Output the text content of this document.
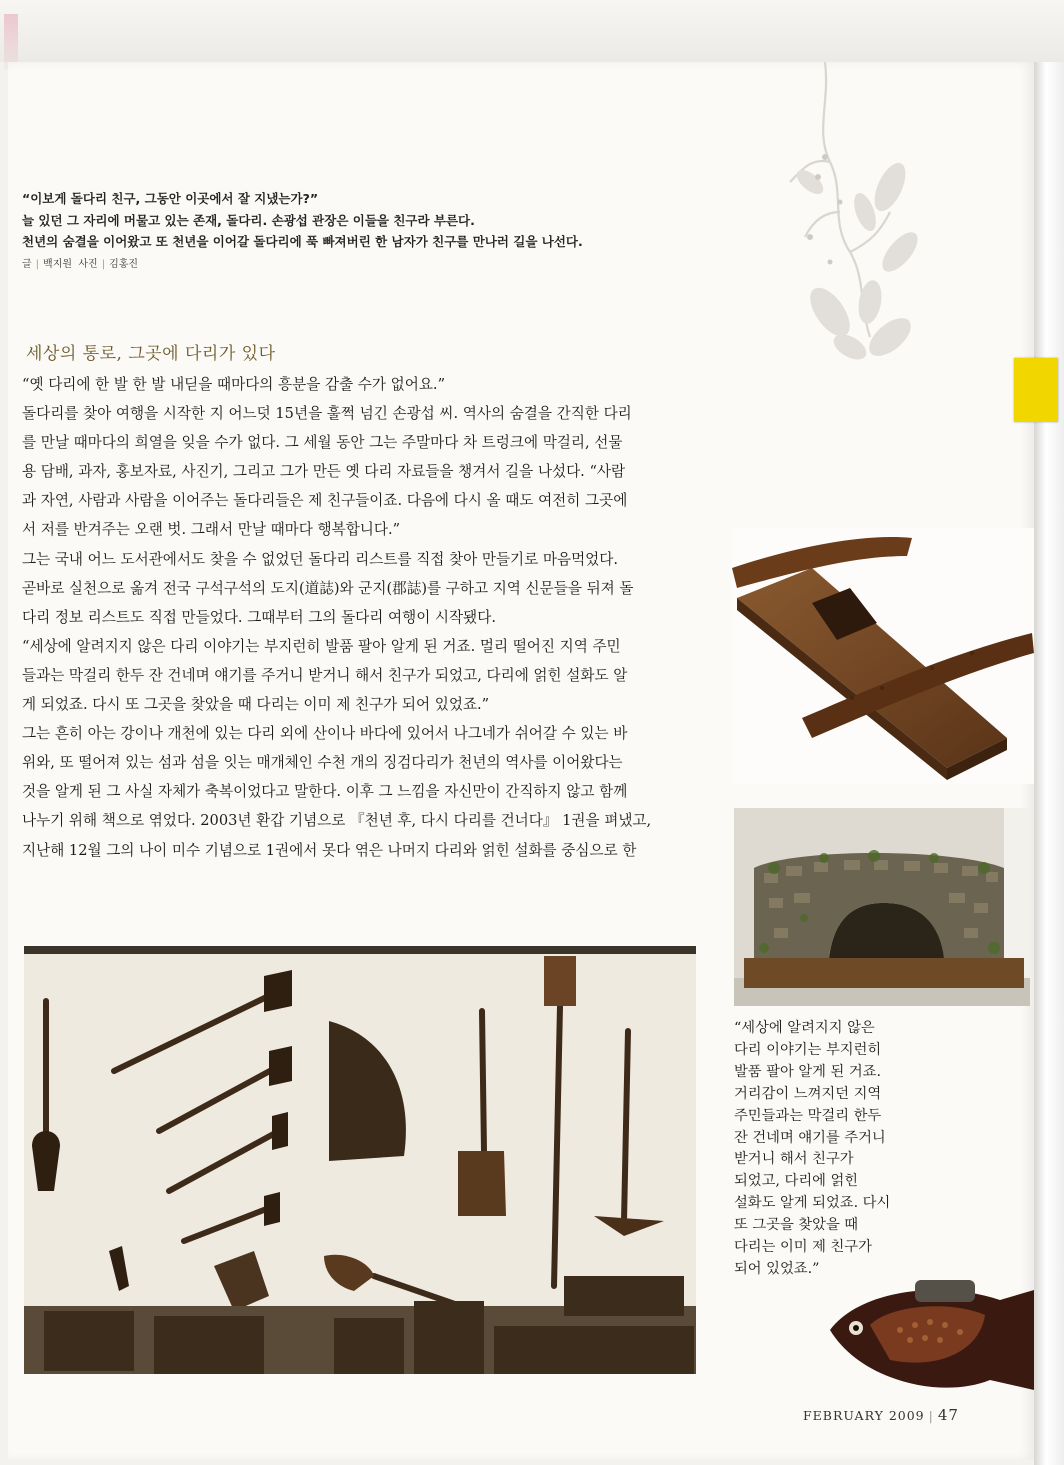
“이보게 돌다리 친구, 그동안 이곳에서 잘 지냈는가?”
늘 있던 그 자리에 머물고 있는 존재, 돌다리. 손광섭 관장은 이들을 친구라 부른다.
천년의 숨결을 이어왔고 또 천년을 이어갈 돌다리에 푹 빠져버린 한 남자가 친구를 만나러 길을 나선다.
글 | 백지원 사진 | 김홍진
세상의 통로, 그곳에 다리가 있다
“옛 다리에 한 발 한 발 내딛을 때마다의 흥분을 감출 수가 없어요.”
돌다리를 찾아 여행을 시작한 지 어느덧 15년을 훌쩍 넘긴 손광섭 씨. 역사의 숨결을 간직한 다리
를 만날 때마다의 희열을 잊을 수가 없다. 그 세월 동안 그는 주말마다 차 트렁크에 막걸리, 선물
용 담배, 과자, 홍보자료, 사진기, 그리고 그가 만든 옛 다리 자료들을 챙겨서 길을 나섰다. “사람
과 자연, 사람과 사람을 이어주는 돌다리들은 제 친구들이죠. 다음에 다시 올 때도 여전히 그곳에
서 저를 반겨주는 오랜 벗. 그래서 만날 때마다 행복합니다.”
그는 국내 어느 도서관에서도 찾을 수 없었던 돌다리 리스트를 직접 찾아 만들기로 마음먹었다.
곧바로 실천으로 옮겨 전국 구석구석의 도지(道誌)와 군지(郡誌)를 구하고 지역 신문들을 뒤져 돌
다리 정보 리스트도 직접 만들었다. 그때부터 그의 돌다리 여행이 시작됐다.
“세상에 알려지지 않은 다리 이야기는 부지런히 발품 팔아 알게 된 거죠. 멀리 떨어진 지역 주민
들과는 막걸리 한두 잔 건네며 얘기를 주거니 받거니 해서 친구가 되었고, 다리에 얽힌 설화도 알
게 되었죠. 다시 또 그곳을 찾았을 때 다리는 이미 제 친구가 되어 있었죠.”
그는 흔히 아는 강이나 개천에 있는 다리 외에 산이나 바다에 있어서 나그네가 쉬어갈 수 있는 바
위와, 또 떨어져 있는 섬과 섬을 잇는 매개체인 수천 개의 징검다리가 천년의 역사를 이어왔다는
것을 알게 된 그 사실 자체가 축복이었다고 말한다. 이후 그 느낌을 자신만이 간직하지 않고 함께
나누기 위해 책으로 엮었다. 2003년 환갑 기념으로 『천년 후, 다시 다리를 건너다』 1권을 펴냈고,
지난해 12월 그의 나이 미수 기념으로 1권에서 못다 엮은 나머지 다리와 얽힌 설화를 중심으로 한
“세상에 알려지지 않은
다리 이야기는 부지런히
발품 팔아 알게 된 거죠.
거리감이 느껴지던 지역
주민들과는 막걸리 한두
잔 건네며 얘기를 주거니
받거니 해서 친구가
되었고, 다리에 얽힌
설화도 알게 되었죠. 다시
또 그곳을 찾았을 때
다리는 이미 제 친구가
되어 있었죠.”
FEBRUARY 2009 | 47
